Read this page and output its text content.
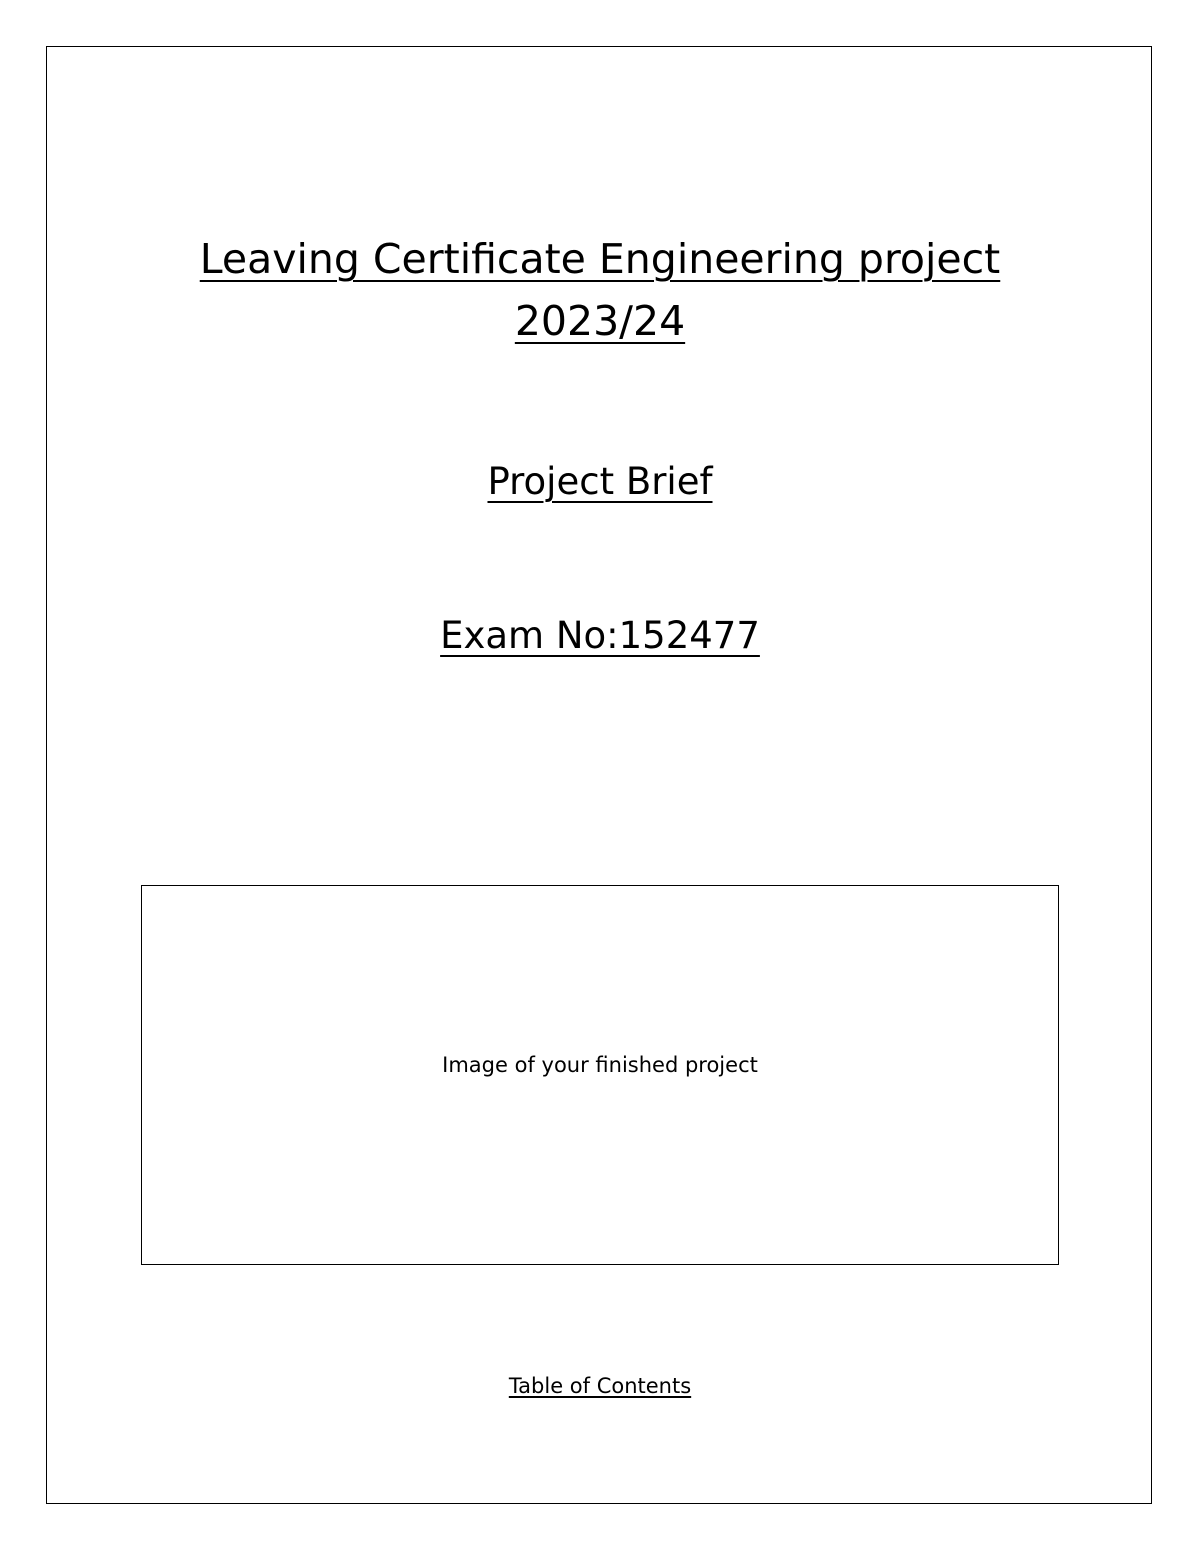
Leaving Certificate Engineering project
2023/24
Project Brief
Exam No:152477
Image of your finished project
Table of Contents
